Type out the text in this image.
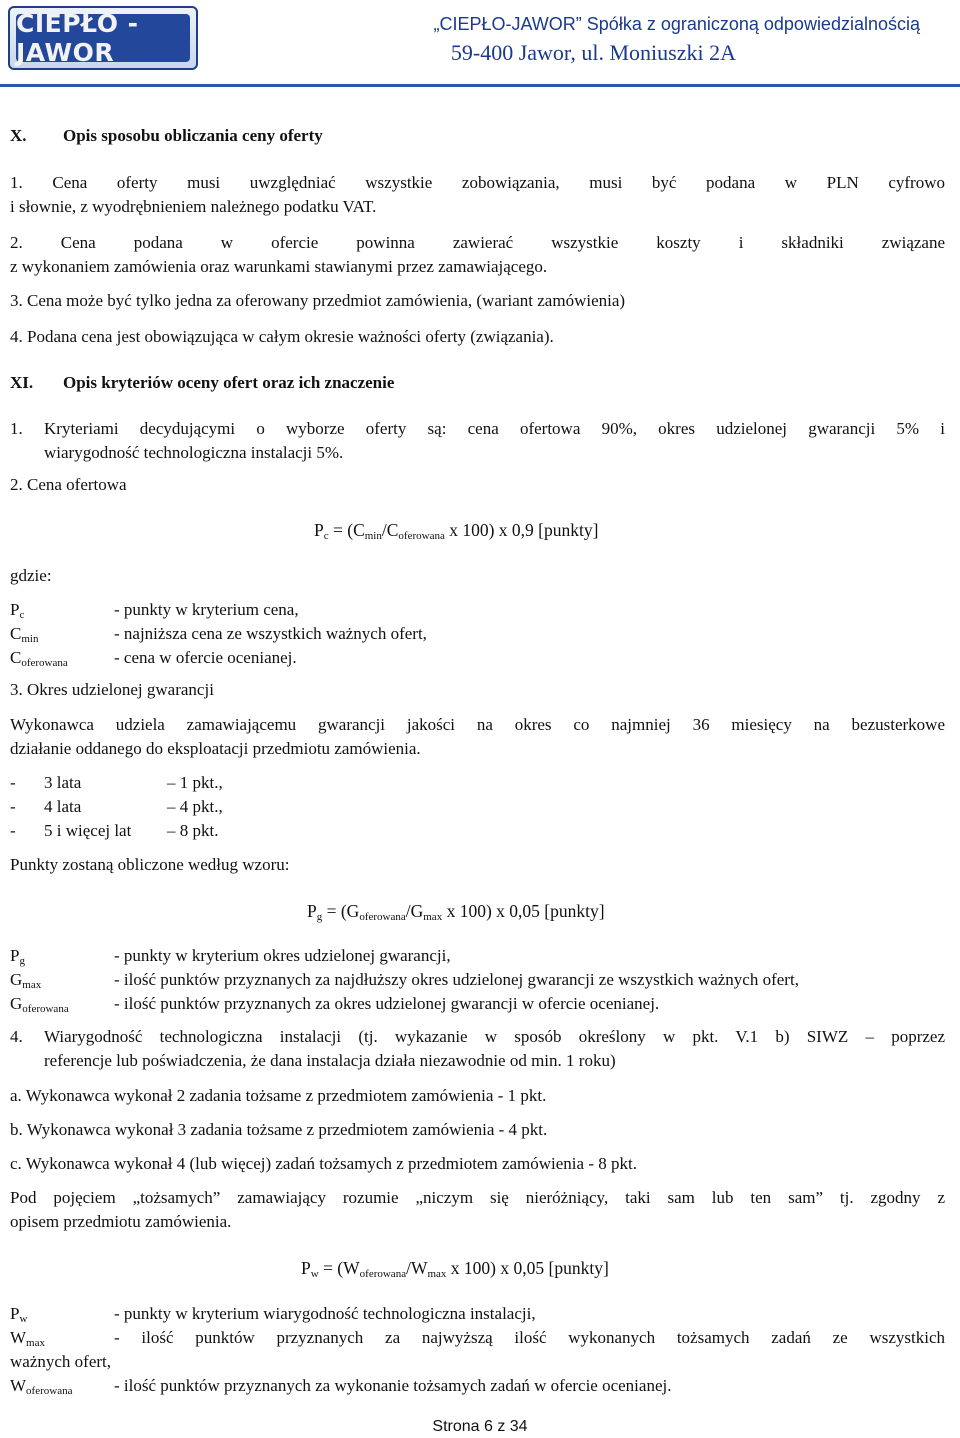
CIEPŁO - JAWOR
„CIEPŁO-JAWOR” Spółka z ograniczoną odpowiedzialnością
59-400 Jawor, ul. Moniuszki 2A
X. Opis sposobu obliczania ceny oferty
1. Cena oferty musi uwzględniać wszystkie zobowiązania, musi być podana w PLN cyfrowo
i słownie, z wyodrębnieniem należnego podatku VAT.
2. Cena podana w ofercie powinna zawierać wszystkie koszty i składniki związane
z wykonaniem zamówienia oraz warunkami stawianymi przez zamawiającego.
3. Cena może być tylko jedna za oferowany przedmiot zamówienia, (wariant zamówienia)
4. Podana cena jest obowiązująca w całym okresie ważności oferty (związania).
XI. Opis kryteriów oceny ofert oraz ich znaczenie
1. Kryteriami decydującymi o wyborze oferty są: cena ofertowa 90%, okres udzielonej gwarancji 5% i
wiarygodność technologiczna instalacji 5%.
2. Cena ofertowa
$P_c = (C_{min}/C_{oferowana}$ x 100) x 0,9 [punkty]
gdzie:
$P_c$	- punkty w kryterium cena,
$C_{min}$	- najniższa cena ze wszystkich ważnych ofert,
$C_{oferowana}$	- cena w ofercie ocenianej.
3. Okres udzielonej gwarancji
Wykonawca udziela zamawiającemu gwarancji jakości na okres co najmniej 36 miesięcy na bezusterkowe
działanie oddanego do eksploatacji przedmiotu zamówienia.
- 3 lata	– 1 pkt.,
- 4 lata	– 4 pkt.,
- 5 i więcej lat – 8 pkt.
Punkty zostaną obliczone według wzoru:
$P_g = (G_{oferowana}/G_{max}$ x 100) x 0,05 [punkty]
$P_g$	- punkty w kryterium okres udzielonej gwarancji,
$G_{max}$	- ilość punktów przyznanych za najdłuższy okres udzielonej gwarancji ze wszystkich ważnych ofert,
$G_{oferowana}$	- ilość punktów przyznanych za okres udzielonej gwarancji w ofercie ocenianej.
4. Wiarygodność technologiczna instalacji (tj. wykazanie w sposób określony w pkt. V.1 b) SIWZ – poprzez
referencje lub poświadczenia, że dana instalacja działa niezawodnie od min. 1 roku)
a. Wykonawca wykonał 2 zadania tożsame z przedmiotem zamówienia - 1 pkt.
b. Wykonawca wykonał 3 zadania tożsame z przedmiotem zamówienia - 4 pkt.
c. Wykonawca wykonał 4 (lub więcej) zadań tożsamych z przedmiotem zamówienia - 8 pkt.
Pod pojęciem „tożsamych” zamawiający rozumie „niczym się nieróżniący, taki sam lub ten sam” tj. zgodny z
opisem przedmiotu zamówienia.
$P_w = (W_{oferowana}/W_{max}$ x 100) x 0,05 [punkty]
$P_w$	- punkty w kryterium wiarygodność technologiczna instalacji,
$W_{max}$	- ilość punktów przyznanych za najwyższą ilość wykonanych tożsamych zadań ze wszystkich
ważnych ofert,
$W_{oferowana}$ - ilość punktów przyznanych za wykonanie tożsamych zadań w ofercie ocenianej.
Strona 6 z 34
